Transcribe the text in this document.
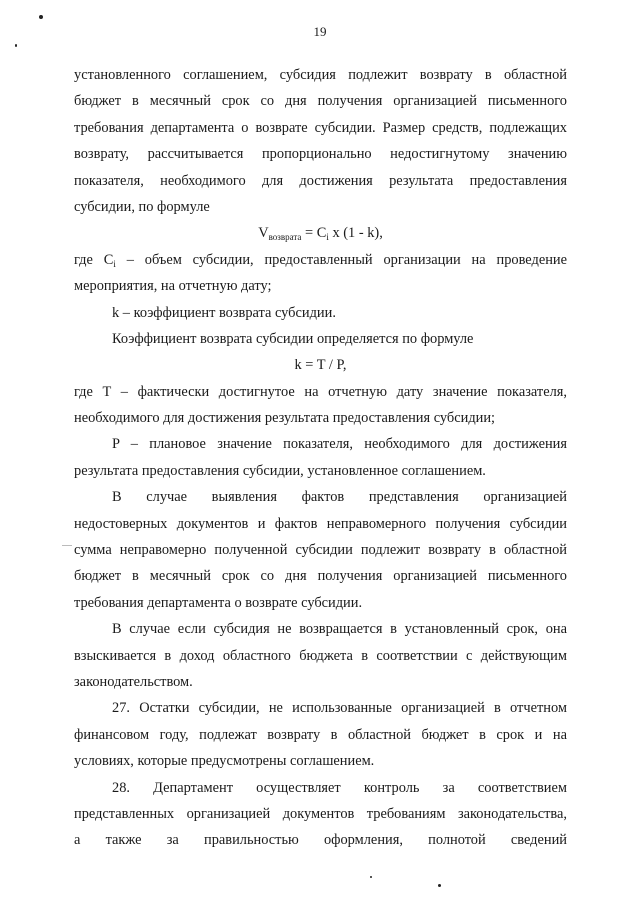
19
установленного соглашением, субсидия подлежит возврату в областной
бюджет в месячный срок со дня получения организацией письменного
требования департамента о возврате субсидии. Размер средств, подлежащих
возврату, рассчитывается пропорционально недостигнутому значению
показателя, необходимого для достижения результата предоставления
субсидии, по формуле
$V_{возврата} = C_i$ x (1 - k),
где $C_i$ – объем субсидии, предоставленный организации на проведение
мероприятия, на отчетную дату;
k – коэффициент возврата субсидии.
Коэффициент возврата субсидии определяется по формуле
k = T / P,
где T – фактически достигнутое на отчетную дату значение показателя,
необходимого для достижения результата предоставления субсидии;
P – плановое значение показателя, необходимого для достижения
результата предоставления субсидии, установленное соглашением.
В случае выявления фактов представления организацией
недостоверных документов и фактов неправомерного получения субсидии
сумма неправомерно полученной субсидии подлежит возврату в областной
бюджет в месячный срок со дня получения организацией письменного
требования департамента о возврате субсидии.
В случае если субсидия не возвращается в установленный срок, она
взыскивается в доход областного бюджета в соответствии с действующим
законодательством.
27. Остатки субсидии, не использованные организацией в отчетном
финансовом году, подлежат возврату в областной бюджет в срок и на
условиях, которые предусмотрены соглашением.
28. Департамент осуществляет контроль за соответствием
представленных организацией документов требованиям законодательства,
а также за правильностью оформления, полнотой сведений
